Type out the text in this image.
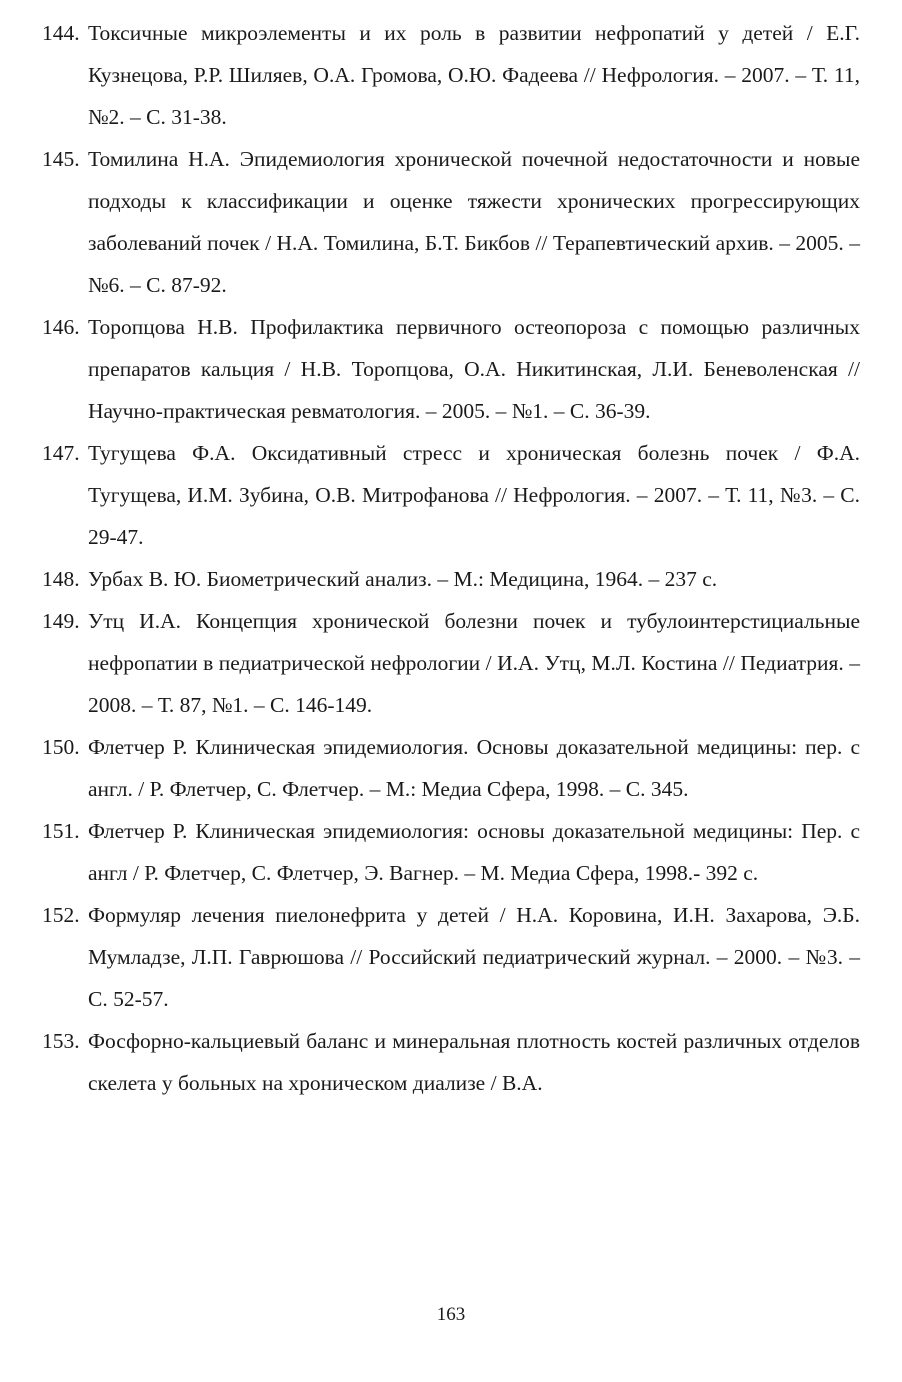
144. Токсичные микроэлементы и их роль в развитии нефропатий у детей / Е.Г. Кузнецова, Р.Р. Шиляев, О.А. Громова, О.Ю. Фадеева // Нефрология. – 2007. – Т. 11, №2. – С. 31-38.
145. Томилина Н.А. Эпидемиология хронической почечной недостаточности и новые подходы к классификации и оценке тяжести хронических прогрессирующих заболеваний почек / Н.А. Томилина, Б.Т. Бикбов // Терапевтический архив. – 2005. – №6. – С. 87-92.
146. Торопцова Н.В. Профилактика первичного остеопороза с помощью различных препаратов кальция / Н.В. Торопцова, О.А. Никитинская, Л.И. Беневоленская // Научно-практическая ревматология. – 2005. – №1. – С. 36-39.
147. Тугущева Ф.А. Оксидативный стресс и хроническая болезнь почек / Ф.А. Тугущева, И.М. Зубина, О.В. Митрофанова // Нефрология. – 2007. – Т. 11, №3. – С. 29-47.
148. Урбах В. Ю. Биометрический анализ. – М.: Медицина, 1964. – 237 с.
149. Утц И.А. Концепция хронической болезни почек и тубулоинтерстициальные нефропатии в педиатрической нефрологии / И.А. Утц, М.Л. Костина // Педиатрия. – 2008. – Т. 87, №1. – С. 146-149.
150. Флетчер Р. Клиническая эпидемиология. Основы доказательной медицины: пер. с англ. / Р. Флетчер, С. Флетчер. – М.: Медиа Сфера, 1998. – С. 345.
151. Флетчер Р. Клиническая эпидемиология: основы доказательной медицины: Пер. с англ / Р. Флетчер, С. Флетчер, Э. Вагнер. – М. Медиа Сфера, 1998.- 392 с.
152. Формуляр лечения пиелонефрита у детей / Н.А. Коровина, И.Н. Захарова, Э.Б. Мумладзе, Л.П. Гаврюшова // Российский педиатрический журнал. – 2000. – №3. – С. 52-57.
153. Фосфорно-кальциевый баланс и минеральная плотность костей различных отделов скелета у больных на хроническом диализе / В.А.
163
